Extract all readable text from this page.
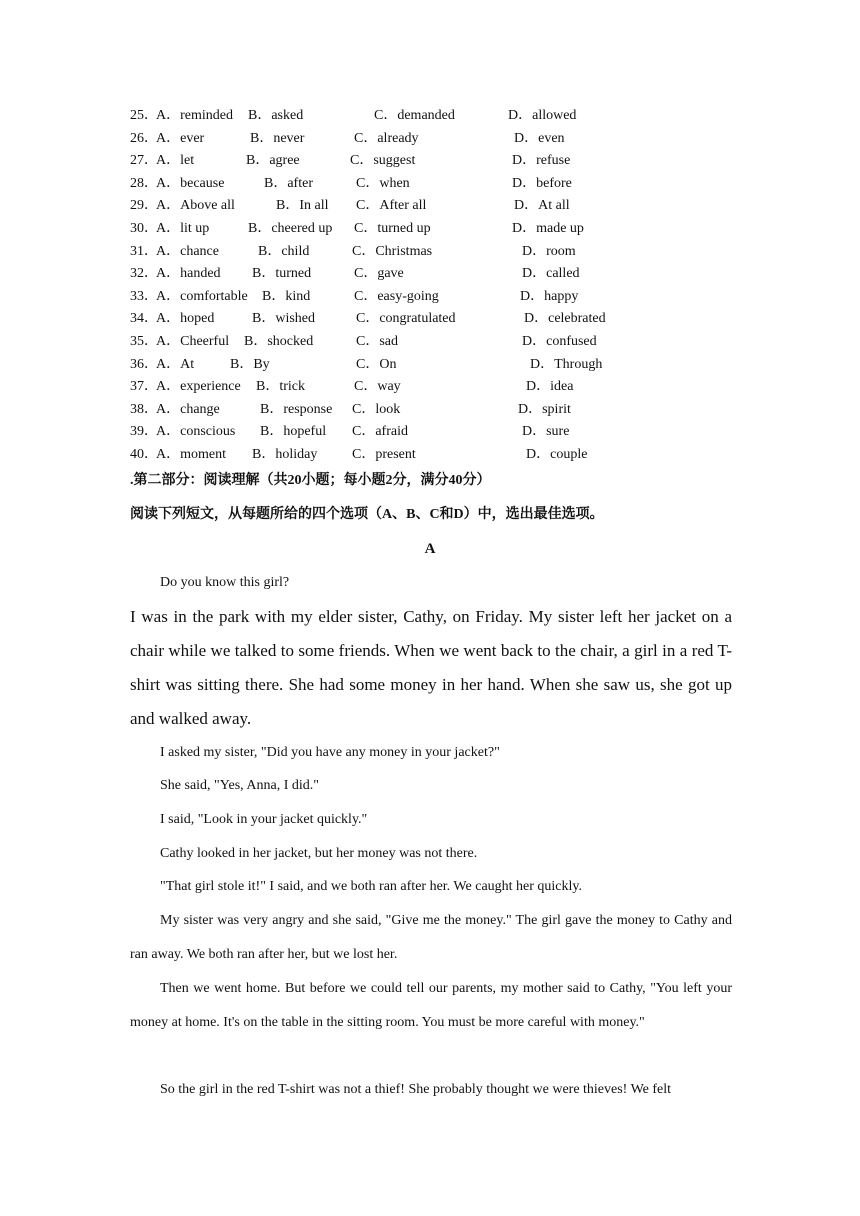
25．
A．reminded B．asked	C．demanded	D．allowed
26．
A．ever	B．never	C．already	D．even
27．
A．let	B．agree	C．suggest	D．refuse
28．
A．because	B．after	C．when	D．before
29．
A．Above all	B．In all C．After all	D．At all
30．
A．lit up	B．cheered up C．turned up	D．made up
31．
A．chance	B．child	C．Christmas	D．room
32．
A．handed B．turned	C．gave	D．called
33．
A．comfortable B．kind	C．easy-going	D．happy
34．
A．hoped	B．wished	C．congratulated	D．celebrated
35．
A．Cheerful B．shocked	C．sad	D．confused
36．
A．At	B．By	C．On	D．Through
37．
A．experience B．trick	C．way	D．idea
38．
A．change	B．response C．look	D．spirit
39．
A．conscious B．hopeful C．afraid	D．sure
40．
A．moment B．holiday C．present	D．couple
.第二部分：阅读理解（共20小题；每小题2分，满分40分）
阅读下列短文，从每题所给的四个选项（A、B、C和D）中，选出最佳选项。
A
Do you know this girl?
I was in the park with my elder sister, Cathy, on Friday. My sister left her jacket on a chair while we talked to some friends. When we went back to the chair, a girl in a red T-shirt was sitting there. She had some money in her hand. When she saw us, she got up and walked away.
I asked my sister, "Did you have any money in your jacket?"
She said, "Yes, Anna, I did."
I said, "Look in your jacket quickly."
Cathy looked in her jacket, but her money was not there.
"That girl stole it!" I said, and we both ran after her. We caught her quickly.
My sister was very angry and she said, "Give me the money." The girl gave the money to Cathy and ran away. We both ran after her, but we lost her.
Then we went home. But before we could tell our parents, my mother said to Cathy, "You left your money at home. It's on the table in the sitting room. You must be more careful with money."
So the girl in the red T-shirt was not a thief! She probably thought we were thieves! We felt
